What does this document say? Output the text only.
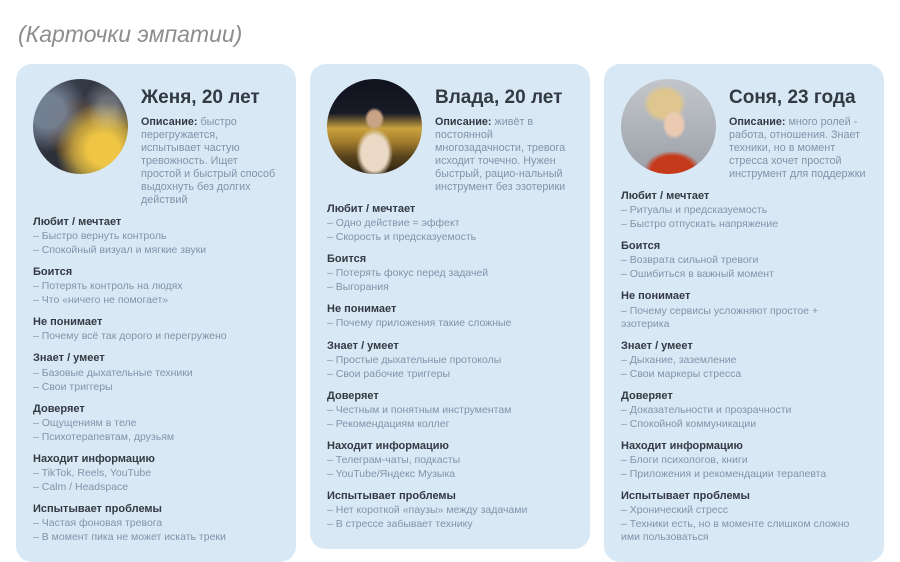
(Карточки эмпатии)

Женя, 20 лет

Описание: быстро перегружается, испытывает частую тревожность. Ищет простой и быстрый способ выдохнуть без долгих действий

Любит / мечтает
– Быстро вернуть контроль
– Спокойный визуал и мягкие звуки
Боится
– Потерять контроль на людях
– Что «ничего не помогает»
Не понимает
– Почему всё так дорого и перегружено
Знает / умеет
– Базовые дыхательные техники
– Свои триггеры
Доверяет
– Ощущениям в теле
– Психотерапевтам, друзьям
Находит информацию
– TikTok, Reels, YouTube
– Calm / Headspace
Испытывает проблемы
– Частая фоновая тревога
– В момент пика не может искать треки

Влада, 20 лет

Описание: живёт в постоянной многозадачности, тревога исходит точечно. Нужен быстрый, рацио-нальный инструмент без эзотерики

Любит / мечтает
– Одно действие = эффект
– Скорость и предсказуемость
Боится
– Потерять фокус перед задачей
– Выгорания
Не понимает
– Почему приложения такие сложные
Знает / умеет
– Простые дыхательные протоколы
– Свои рабочие триггеры
Доверяет
– Честным и понятным инструментам
– Рекомендациям коллег
Находит информацию
– Телеграм-чаты, подкасты
– YouTube/Яндекс Музыка
Испытывает проблемы
– Нет короткой «паузы» между задачами
– В стрессе забывает технику

Соня, 23 года

Описание: много ролей - работа, отношения. Знает техники, но в момент стресса хочет простой инструмент для поддержки

Любит / мечтает
– Ритуалы и предсказуемость
– Быстро отпускать напряжение
Боится
– Возврата сильной тревоги
– Ошибиться в важный момент
Не понимает
– Почему сервисы усложняют простое + эзотерика
Знает / умеет
– Дыхание, заземление
– Свои маркеры стресса
Доверяет
– Доказательности и прозрачности
– Спокойной коммуникации
Находит информацию
– Блоги психологов, книги
– Приложения и рекомендации терапевта
Испытывает проблемы
– Хронический стресс
– Техники есть, но в моменте слишком сложно ими пользоваться
